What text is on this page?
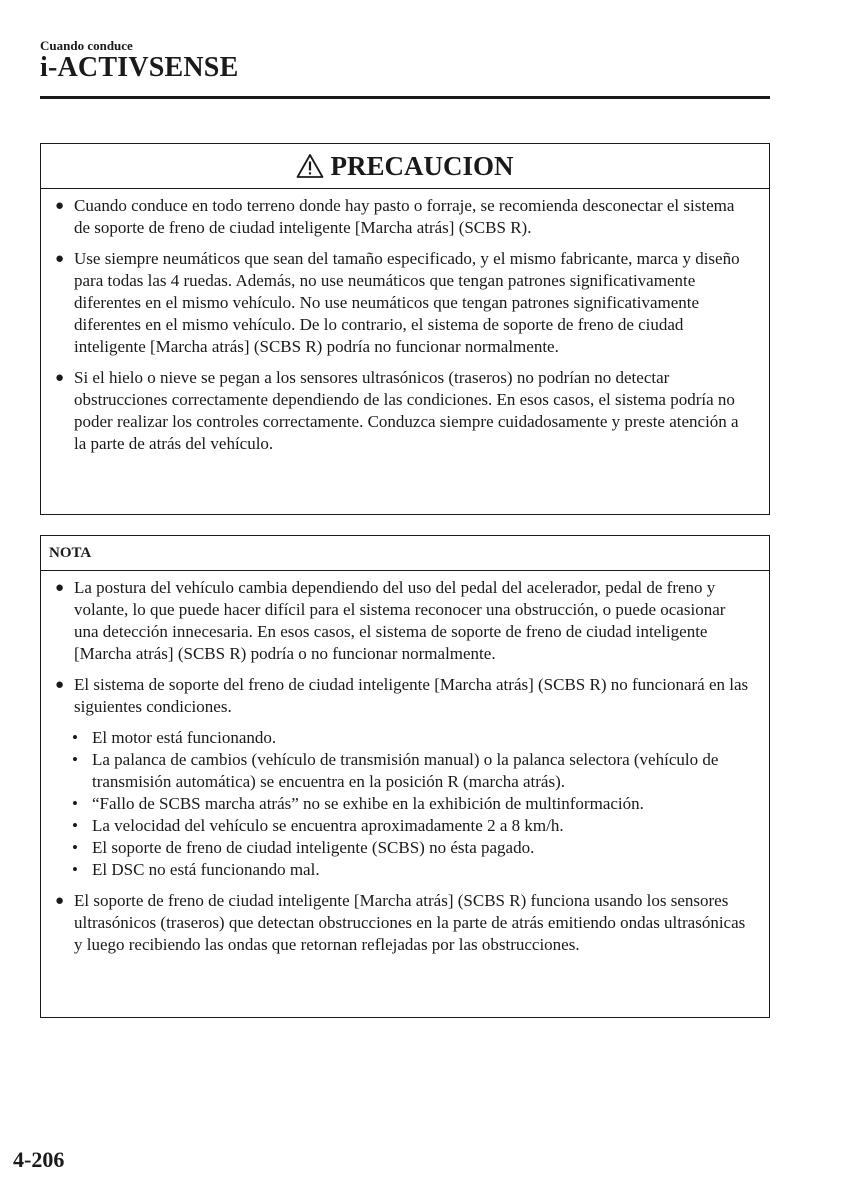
Cuando conduce
i-ACTIVSENSE
PRECAUCION
● Cuando conduce en todo terreno donde hay pasto o forraje, se recomienda desconectar el sistema de soporte de freno de ciudad inteligente [Marcha atrás] (SCBS R).
● Use siempre neumáticos que sean del tamaño especificado, y el mismo fabricante, marca y diseño para todas las 4 ruedas. Además, no use neumáticos que tengan patrones significativamente diferentes en el mismo vehículo. No use neumáticos que tengan patrones significativamente diferentes en el mismo vehículo. De lo contrario, el sistema de soporte de freno de ciudad inteligente [Marcha atrás] (SCBS R) podría no funcionar normalmente.
● Si el hielo o nieve se pegan a los sensores ultrasónicos (traseros) no podrían no detectar obstrucciones correctamente dependiendo de las condiciones. En esos casos, el sistema podría no poder realizar los controles correctamente. Conduzca siempre cuidadosamente y preste atención a la parte de atrás del vehículo.
NOTA
● La postura del vehículo cambia dependiendo del uso del pedal del acelerador, pedal de freno y volante, lo que puede hacer difícil para el sistema reconocer una obstrucción, o puede ocasionar una detección innecesaria. En esos casos, el sistema de soporte de freno de ciudad inteligente [Marcha atrás] (SCBS R) podría o no funcionar normalmente.
● El sistema de soporte del freno de ciudad inteligente [Marcha atrás] (SCBS R) no funcionará en las siguientes condiciones.
• El motor está funcionando.
• La palanca de cambios (vehículo de transmisión manual) o la palanca selectora (vehículo de transmisión automática) se encuentra en la posición R (marcha atrás).
• “Fallo de SCBS marcha atrás” no se exhibe en la exhibición de multinformación.
• La velocidad del vehículo se encuentra aproximadamente 2 a 8 km/h.
• El soporte de freno de ciudad inteligente (SCBS) no ésta pagado.
• El DSC no está funcionando mal.
● El soporte de freno de ciudad inteligente [Marcha atrás] (SCBS R) funciona usando los sensores ultrasónicos (traseros) que detectan obstrucciones en la parte de atrás emitiendo ondas ultrasónicas y luego recibiendo las ondas que retornan reflejadas por las obstrucciones.
4-206
